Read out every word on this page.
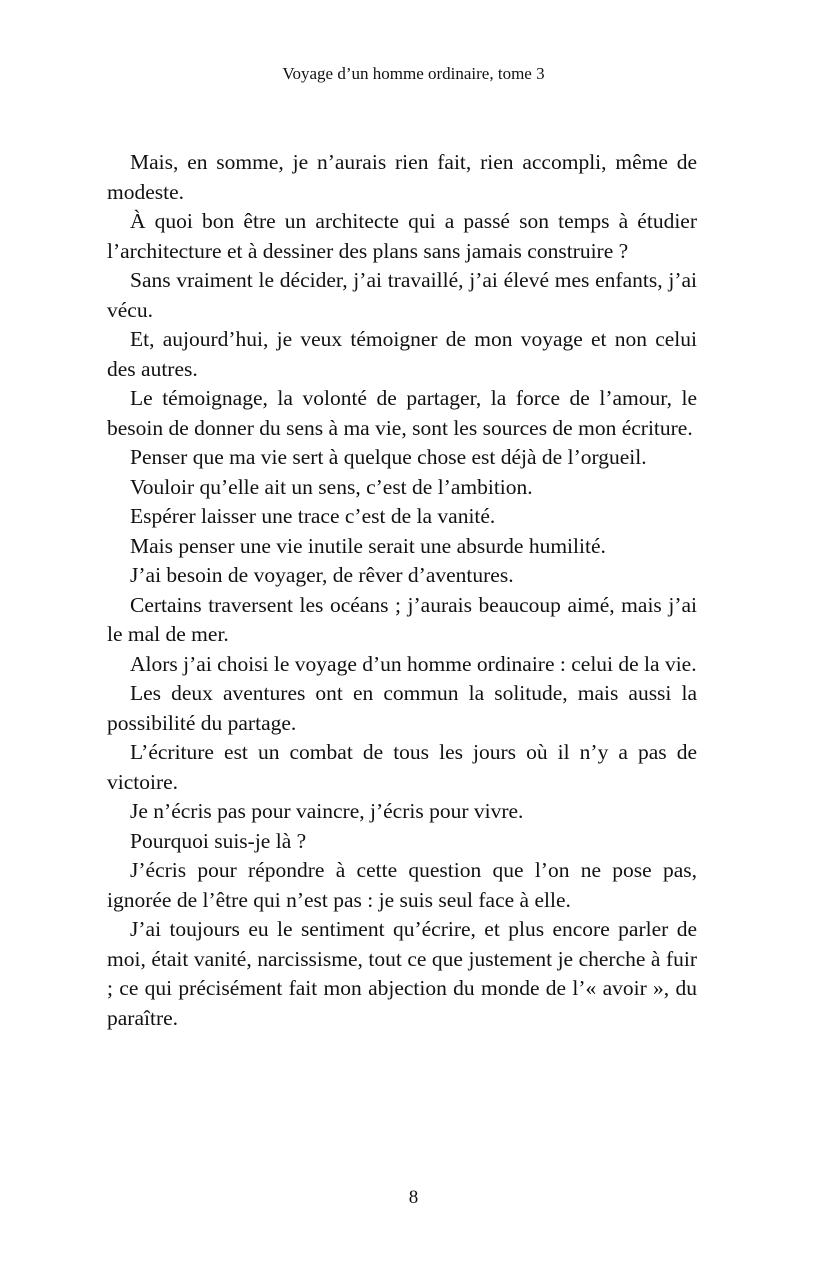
Voyage d’un homme ordinaire, tome 3

Mais, en somme, je n’aurais rien fait, rien accompli, même de modeste.

À quoi bon être un architecte qui a passé son temps à étudier l’architecture et à dessiner des plans sans jamais construire ?

Sans vraiment le décider, j’ai travaillé, j’ai élevé mes enfants, j’ai vécu.

Et, aujourd’hui, je veux témoigner de mon voyage et non celui des autres.

Le témoignage, la volonté de partager, la force de l’amour, le besoin de donner du sens à ma vie, sont les sources de mon écriture.

Penser que ma vie sert à quelque chose est déjà de l’orgueil.

Vouloir qu’elle ait un sens, c’est de l’ambition.

Espérer laisser une trace c’est de la vanité.

Mais penser une vie inutile serait une absurde humilité.

J’ai besoin de voyager, de rêver d’aventures.

Certains traversent les océans ; j’aurais beaucoup aimé, mais j’ai le mal de mer.

Alors j’ai choisi le voyage d’un homme ordinaire : celui de la vie.

Les deux aventures ont en commun la solitude, mais aussi la possibilité du partage.

L’écriture est un combat de tous les jours où il n’y a pas de victoire.

Je n’écris pas pour vaincre, j’écris pour vivre.

Pourquoi suis-je là ?

J’écris pour répondre à cette question que l’on ne pose pas, ignorée de l’être qui n’est pas : je suis seul face à elle.

J’ai toujours eu le sentiment qu’écrire, et plus encore parler de moi, était vanité, narcissisme, tout ce que justement je cherche à fuir ; ce qui précisément fait mon abjection du monde de l’« avoir », du paraître.

8
